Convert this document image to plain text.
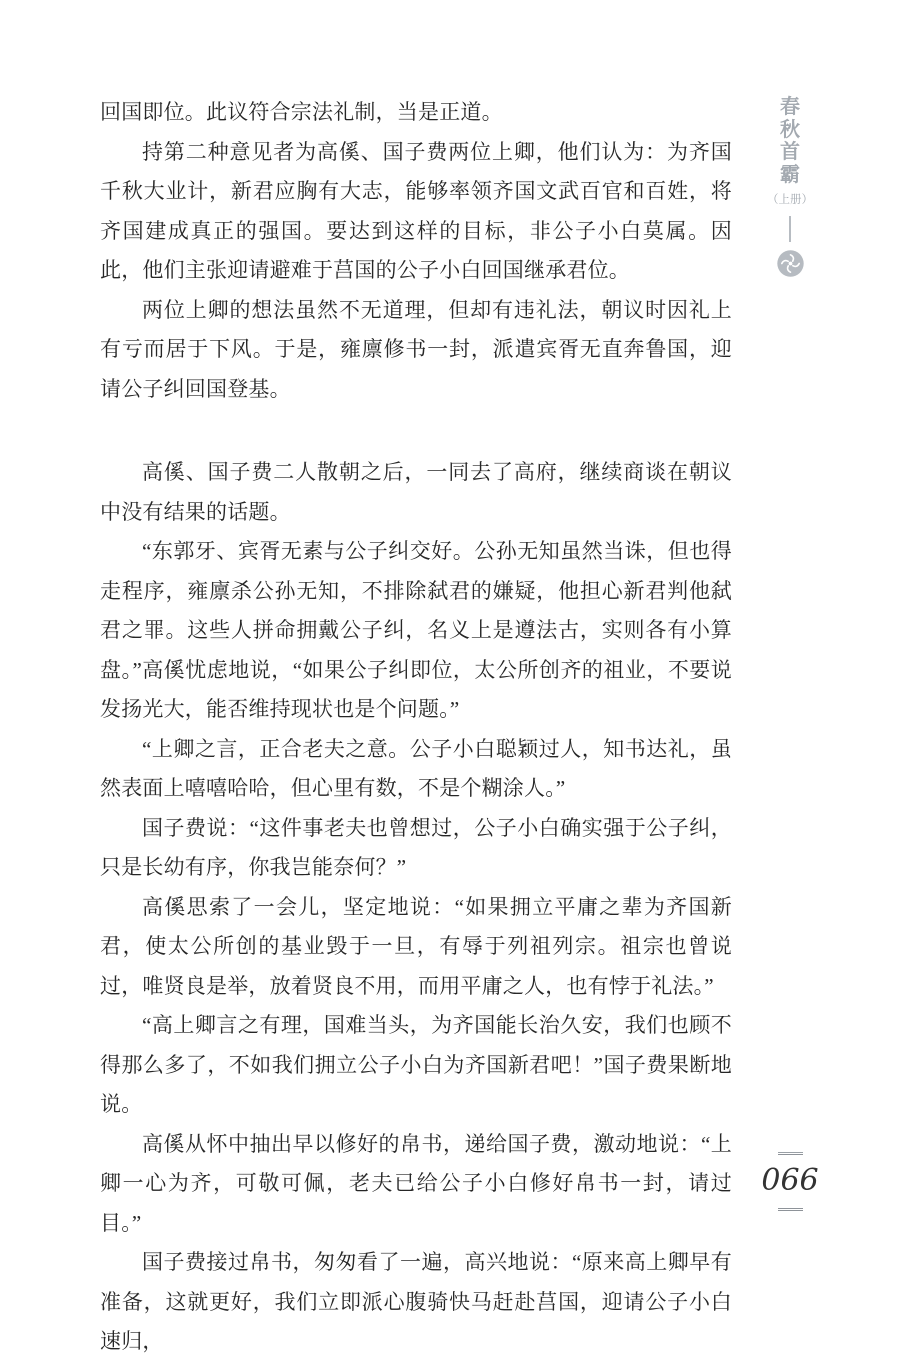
回国即位。此议符合宗法礼制，当是正道。

持第二种意见者为高傒、国子费两位上卿，他们认为：为齐国千秋大业计，新君应胸有大志，能够率领齐国文武百官和百姓，将齐国建成真正的强国。要达到这样的目标，非公子小白莫属。因此，他们主张迎请避难于莒国的公子小白回国继承君位。

两位上卿的想法虽然不无道理，但却有违礼法，朝议时因礼上有亏而居于下风。于是，雍廪修书一封，派遣宾胥无直奔鲁国，迎请公子纠回国登基。

高傒、国子费二人散朝之后，一同去了高府，继续商谈在朝议中没有结果的话题。

“东郭牙、宾胥无素与公子纠交好。公孙无知虽然当诛，但也得走程序，雍廪杀公孙无知，不排除弑君的嫌疑，他担心新君判他弑君之罪。这些人拼命拥戴公子纠，名义上是遵法古，实则各有小算盘。”高傒忧虑地说，“如果公子纠即位，太公所创齐的祖业，不要说发扬光大，能否维持现状也是个问题。”

“上卿之言，正合老夫之意。公子小白聪颖过人，知书达礼，虽然表面上嘻嘻哈哈，但心里有数，不是个糊涂人。”

国子费说：“这件事老夫也曾想过，公子小白确实强于公子纠，只是长幼有序，你我岂能奈何？”

高傒思索了一会儿，坚定地说：“如果拥立平庸之辈为齐国新君，使太公所创的基业毁于一旦，有辱于列祖列宗。祖宗也曾说过，唯贤良是举，放着贤良不用，而用平庸之人，也有悖于礼法。”

“高上卿言之有理，国难当头，为齐国能长治久安，我们也顾不得那么多了，不如我们拥立公子小白为齐国新君吧！”国子费果断地说。

高傒从怀中抽出早以修好的帛书，递给国子费，激动地说：“上卿一心为齐，可敬可佩，老夫已给公子小白修好帛书一封，请过目。”

国子费接过帛书，匆匆看了一遍，高兴地说：“原来高上卿早有准备，这就更好，我们立即派心腹骑快马赶赴莒国，迎请公子小白速归，

春
秋
首
霸
（上册）
066
